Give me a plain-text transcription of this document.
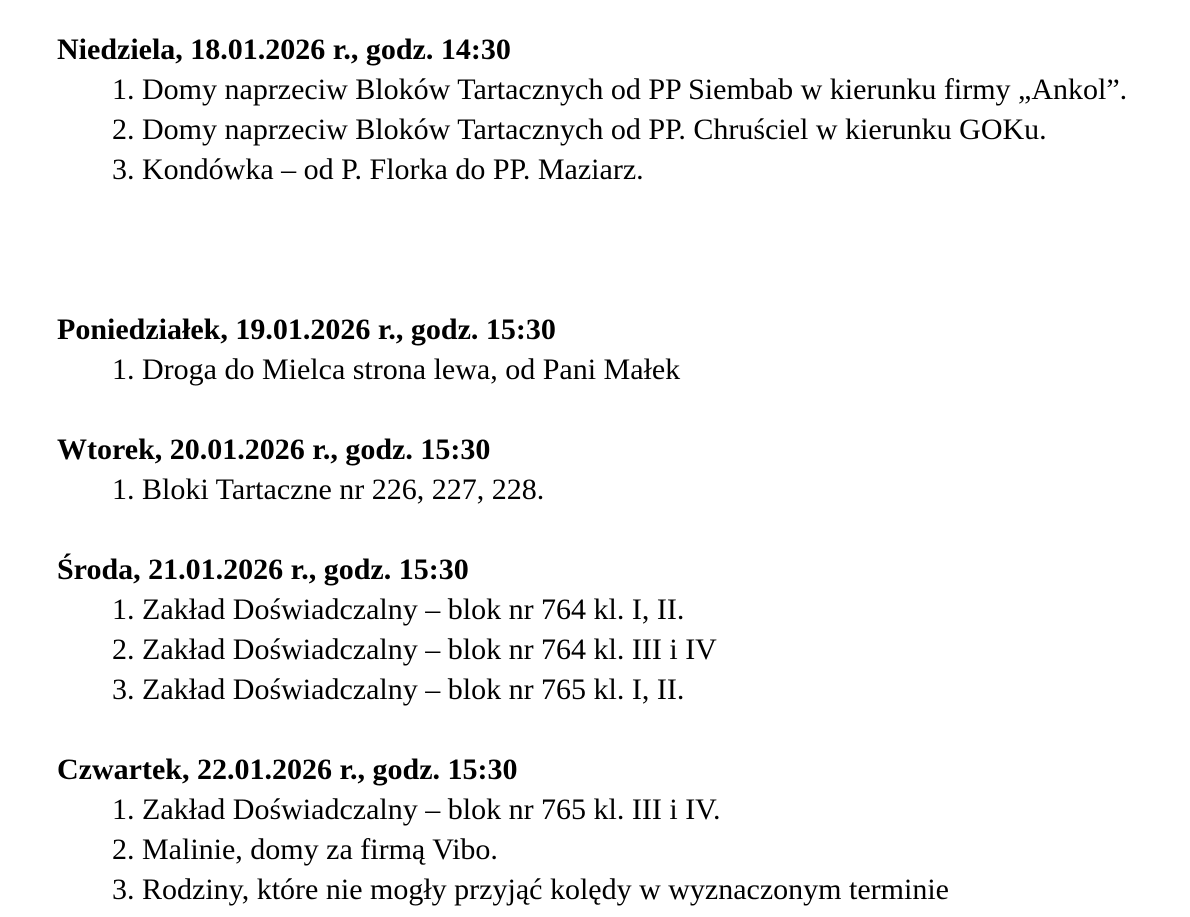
Niedziela, 18.01.2026 r., godz. 14:30
1. Domy naprzeciw Bloków Tartacznych od PP Siembab w kierunku firmy „Ankol”.
2. Domy naprzeciw Bloków Tartacznych od PP. Chruściel w kierunku GOKu.
3. Kondówka – od P. Florka do PP. Maziarz.
Poniedziałek, 19.01.2026 r., godz. 15:30
1. Droga do Mielca strona lewa, od Pani Małek
Wtorek, 20.01.2026 r., godz. 15:30
1. Bloki Tartaczne nr 226, 227, 228.
Środa, 21.01.2026 r., godz. 15:30
1. Zakład Doświadczalny – blok nr 764 kl. I, II.
2. Zakład Doświadczalny – blok nr 764 kl. III i IV
3. Zakład Doświadczalny – blok nr 765 kl. I, II.
Czwartek, 22.01.2026 r., godz. 15:30
1. Zakład Doświadczalny – blok nr 765 kl. III i IV.
2. Malinie, domy za firmą Vibo.
3. Rodziny, które nie mogły przyjąć kolędy w wyznaczonym terminie
